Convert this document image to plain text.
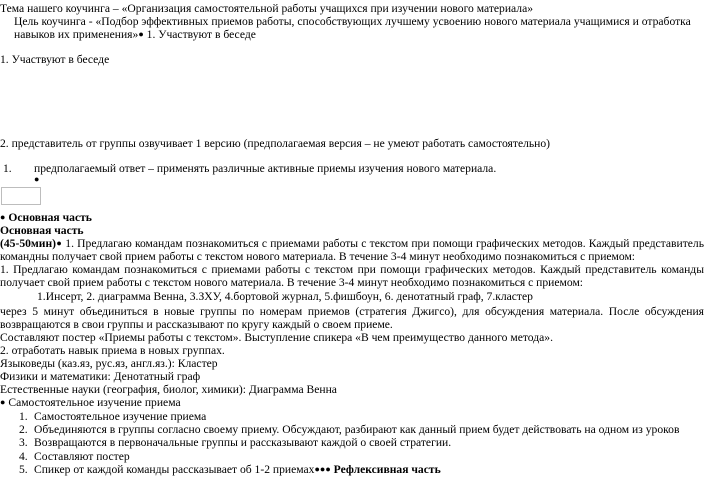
Тема нашего коучинга – «Организация самостоятельной работы учащихся при изучении нового материала»
Цель коучинга - «Подбор эффективных приемов работы, способствующих лучшему усвоению нового материала учащимися и отработка
навыков их применения»● 1. Участвуют в беседе
1. Участвуют в беседе
2. представитель от группы озвучивает 1 версию (предполагаемая версия – не умеют работать самостоятельно)
1. предполагаемый ответ – применять различные активные приемы изучения нового материала.
●
● Основная часть
Основная часть
(45-50мин)● 1. Предлагаю командам познакомиться с приемами работы с текстом при помощи графических методов. Каждый представитель командны получает свой прием работы с текстом нового материала. В течение 3-4 минут необходимо познакомиться с приемом:
1. Предлагаю командам познакомиться с приемами работы с текстом при помощи графических методов. Каждый представитель команды
получает свой прием работы с текстом нового материала. В течение 3-4 минут необходимо познакомиться с приемом:
1.Инсерт, 2. диаграмма Венна, 3.ЗХУ, 4.бортовой журнал, 5.фишбоун, 6. денотатный граф, 7.кластер
через 5 минут объединиться в новые группы по номерам приемов (стратегия Джигсо), для обсуждения материала. После обсуждения возвращаются в свои группы и рассказывают по кругу каждый о своем приеме.
Составляют постер «Приемы работы с текстом». Выступление спикера «В чем преимущество данного метода».
2. отработать навык приема в новых группах.
Языковеды (каз.яз, рус.яз, англ.яз.): Кластер
Физики и математики: Денотатный граф
Естественные науки (география, биолог, химики): Диаграмма Венна
● Самостоятельное изучение приема
1. Самостоятельное изучение приема
2. Объединяются в группы согласно своему приему. Обсуждают, разбирают как данный прием будет действовать на одном из уроков
3. Возвращаются в первоначальные группы и рассказывают каждой о своей стратегии.
4. Составляют постер
5. Спикер от каждой команды рассказывает об 1-2 приемах●●● Рефлексивная часть
